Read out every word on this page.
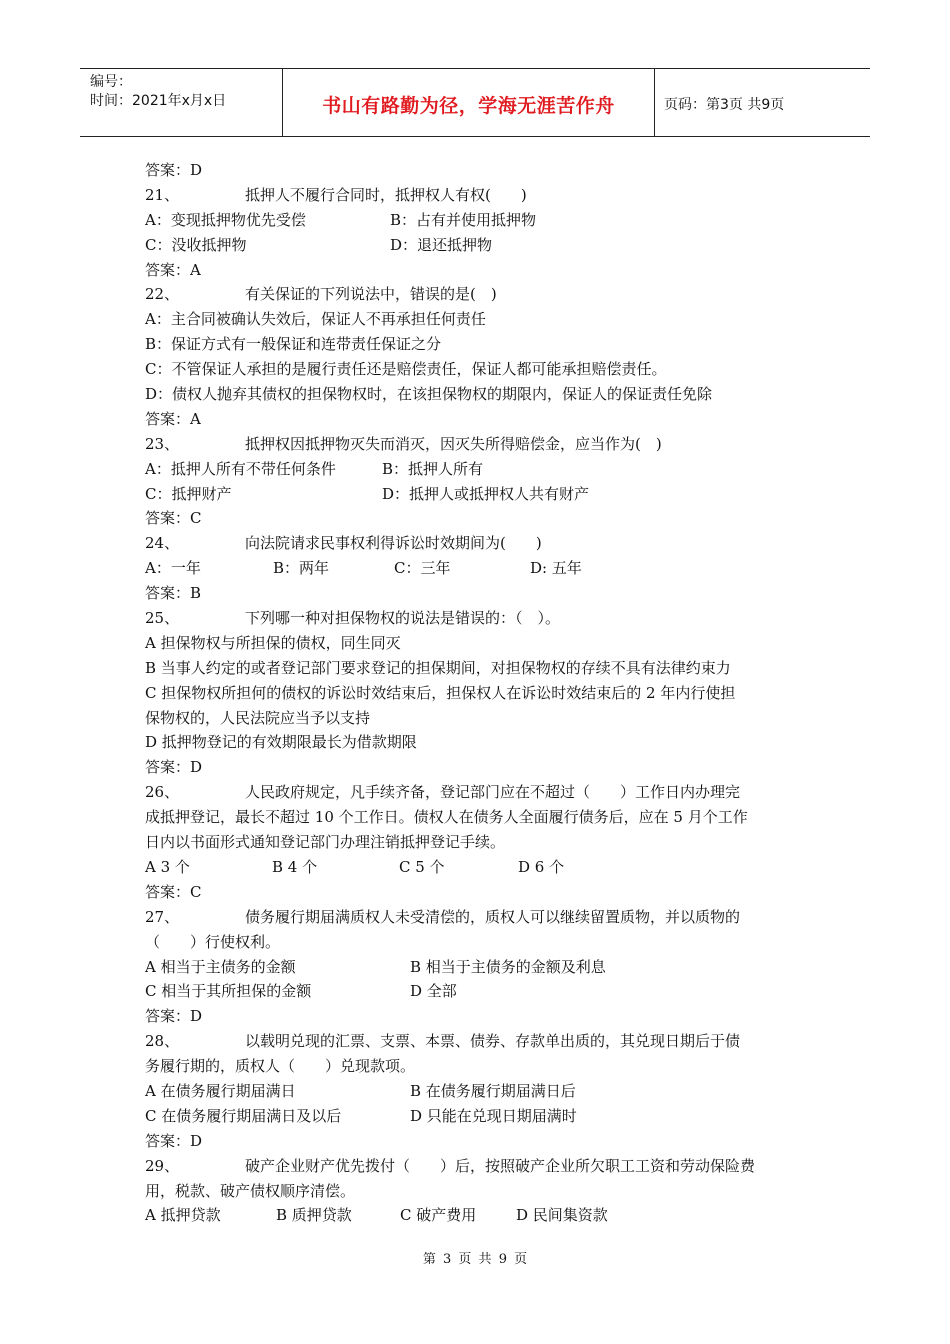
编号：
时间：2021年x月x日	书山有路勤为径，学海无涯苦作舟	页码：第3页 共9页
答案：D
21、	抵押人不履行合同时，抵押权人有权(　　)
A：变现抵押物优先受偿	B：占有并使用抵押物
C：没收抵押物	D：退还抵押物
答案：A
22、	有关保证的下列说法中，错误的是(　)
A：主合同被确认失效后，保证人不再承担任何责任
B：保证方式有一般保证和连带责任保证之分
C：不管保证人承担的是履行责任还是赔偿责任，保证人都可能承担赔偿责任。
D：债权人抛弃其债权的担保物权时，在该担保物权的期限内，保证人的保证责任免除
答案：A
23、	抵押权因抵押物灭失而消灭，因灭失所得赔偿金，应当作为(　)
A：抵押人所有不带任何条件	B：抵押人所有
C：抵押财产	D：抵押人或抵押权人共有财产
答案：C
24、	向法院请求民事权利得诉讼时效期间为(　　)
A：一年	B：两年	C：三年	D: 五年
答案：B
25、	下列哪一种对担保物权的说法是错误的：（　）。
A 担保物权与所担保的债权，同生同灭
B 当事人约定的或者登记部门要求登记的担保期间，对担保物权的存续不具有法律约束力
C 担保物权所担何的债权的诉讼时效结束后，担保权人在诉讼时效结束后的 2 年内行使担
保物权的，人民法院应当予以支持
D 抵押物登记的有效期限最长为借款期限
答案：D
26、	人民政府规定，凡手续齐备，登记部门应在不超过（　　）工作日内办理完
成抵押登记，最长不超过 10 个工作日。债权人在债务人全面履行债务后，应在 5 月个工作
日内以书面形式通知登记部门办理注销抵押登记手续。
A 3 个	B 4 个	C 5 个	D 6 个
答案：C
27、	债务履行期届满质权人未受清偿的，质权人可以继续留置质物，并以质物的
（　　）行使权利。
A 相当于主债务的金额	B 相当于主债务的金额及利息
C 相当于其所担保的金额	D 全部
答案：D
28、	以载明兑现的汇票、支票、本票、债券、存款单出质的，其兑现日期后于债
务履行期的，质权人（　　）兑现款项。
A 在债务履行期届满日	B 在债务履行期届满日后
C 在债务履行期届满日及以后	D 只能在兑现日期届满时
答案：D
29、	破产企业财产优先拨付（　　）后，按照破产企业所欠职工工资和劳动保险费
用，税款、破产债权顺序清偿。
A 抵押贷款	B 质押贷款	C 破产费用	D 民间集资款
第 3 页 共 9 页
